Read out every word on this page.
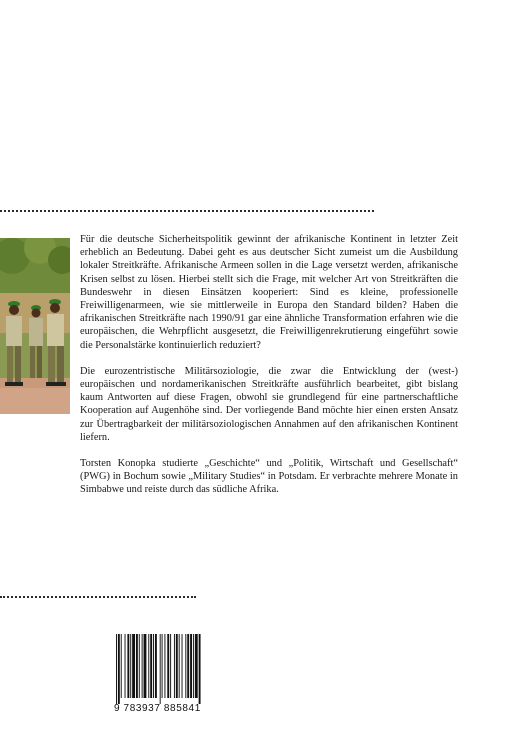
Für die deutsche Sicherheitspolitik gewinnt der afrikanische Kontinent in letzter Zeit erheblich an Bedeutung. Dabei geht es aus deutscher Sicht zumeist um die Ausbildung lokaler Streitkräfte. Afrikanische Armeen sollen in die Lage versetzt werden, afrikanische Krisen selbst zu lösen. Hierbei stellt sich die Frage, mit welcher Art von Streitkräften die Bundeswehr in diesen Einsätzen kooperiert: Sind es kleine, professionelle Freiwilligenarmeen, wie sie mittlerweile in Europa den Standard bilden? Haben die afrikanischen Streitkräfte nach 1990/91 gar eine ähnliche Transformation erfahren wie die europäischen, die Wehrpflicht ausgesetzt, die Freiwilligenrekrutierung eingeführt sowie die Personalstärke kontinuierlich reduziert?

Die eurozentristische Militärsoziologie, die zwar die Entwicklung der (west-) europäischen und nordamerikanischen Streitkräfte ausführlich bearbeitet, gibt bislang kaum Antworten auf diese Fragen, obwohl sie grundlegend für eine partnerschaftliche Kooperation auf Augenhöhe sind. Der vorliegende Band möchte hier einen ersten Ansatz zur Übertragbarkeit der militärsoziologischen Annahmen auf den afrikanischen Kontinent liefern.

Torsten Konopka studierte „Geschichte“ und „Politik, Wirtschaft und Gesellschaft“ (PWG) in Bochum sowie „Military Studies“ in Potsdam. Er verbrachte mehrere Monate in Simbabwe und reiste durch das südliche Afrika.

9 783937 885841
